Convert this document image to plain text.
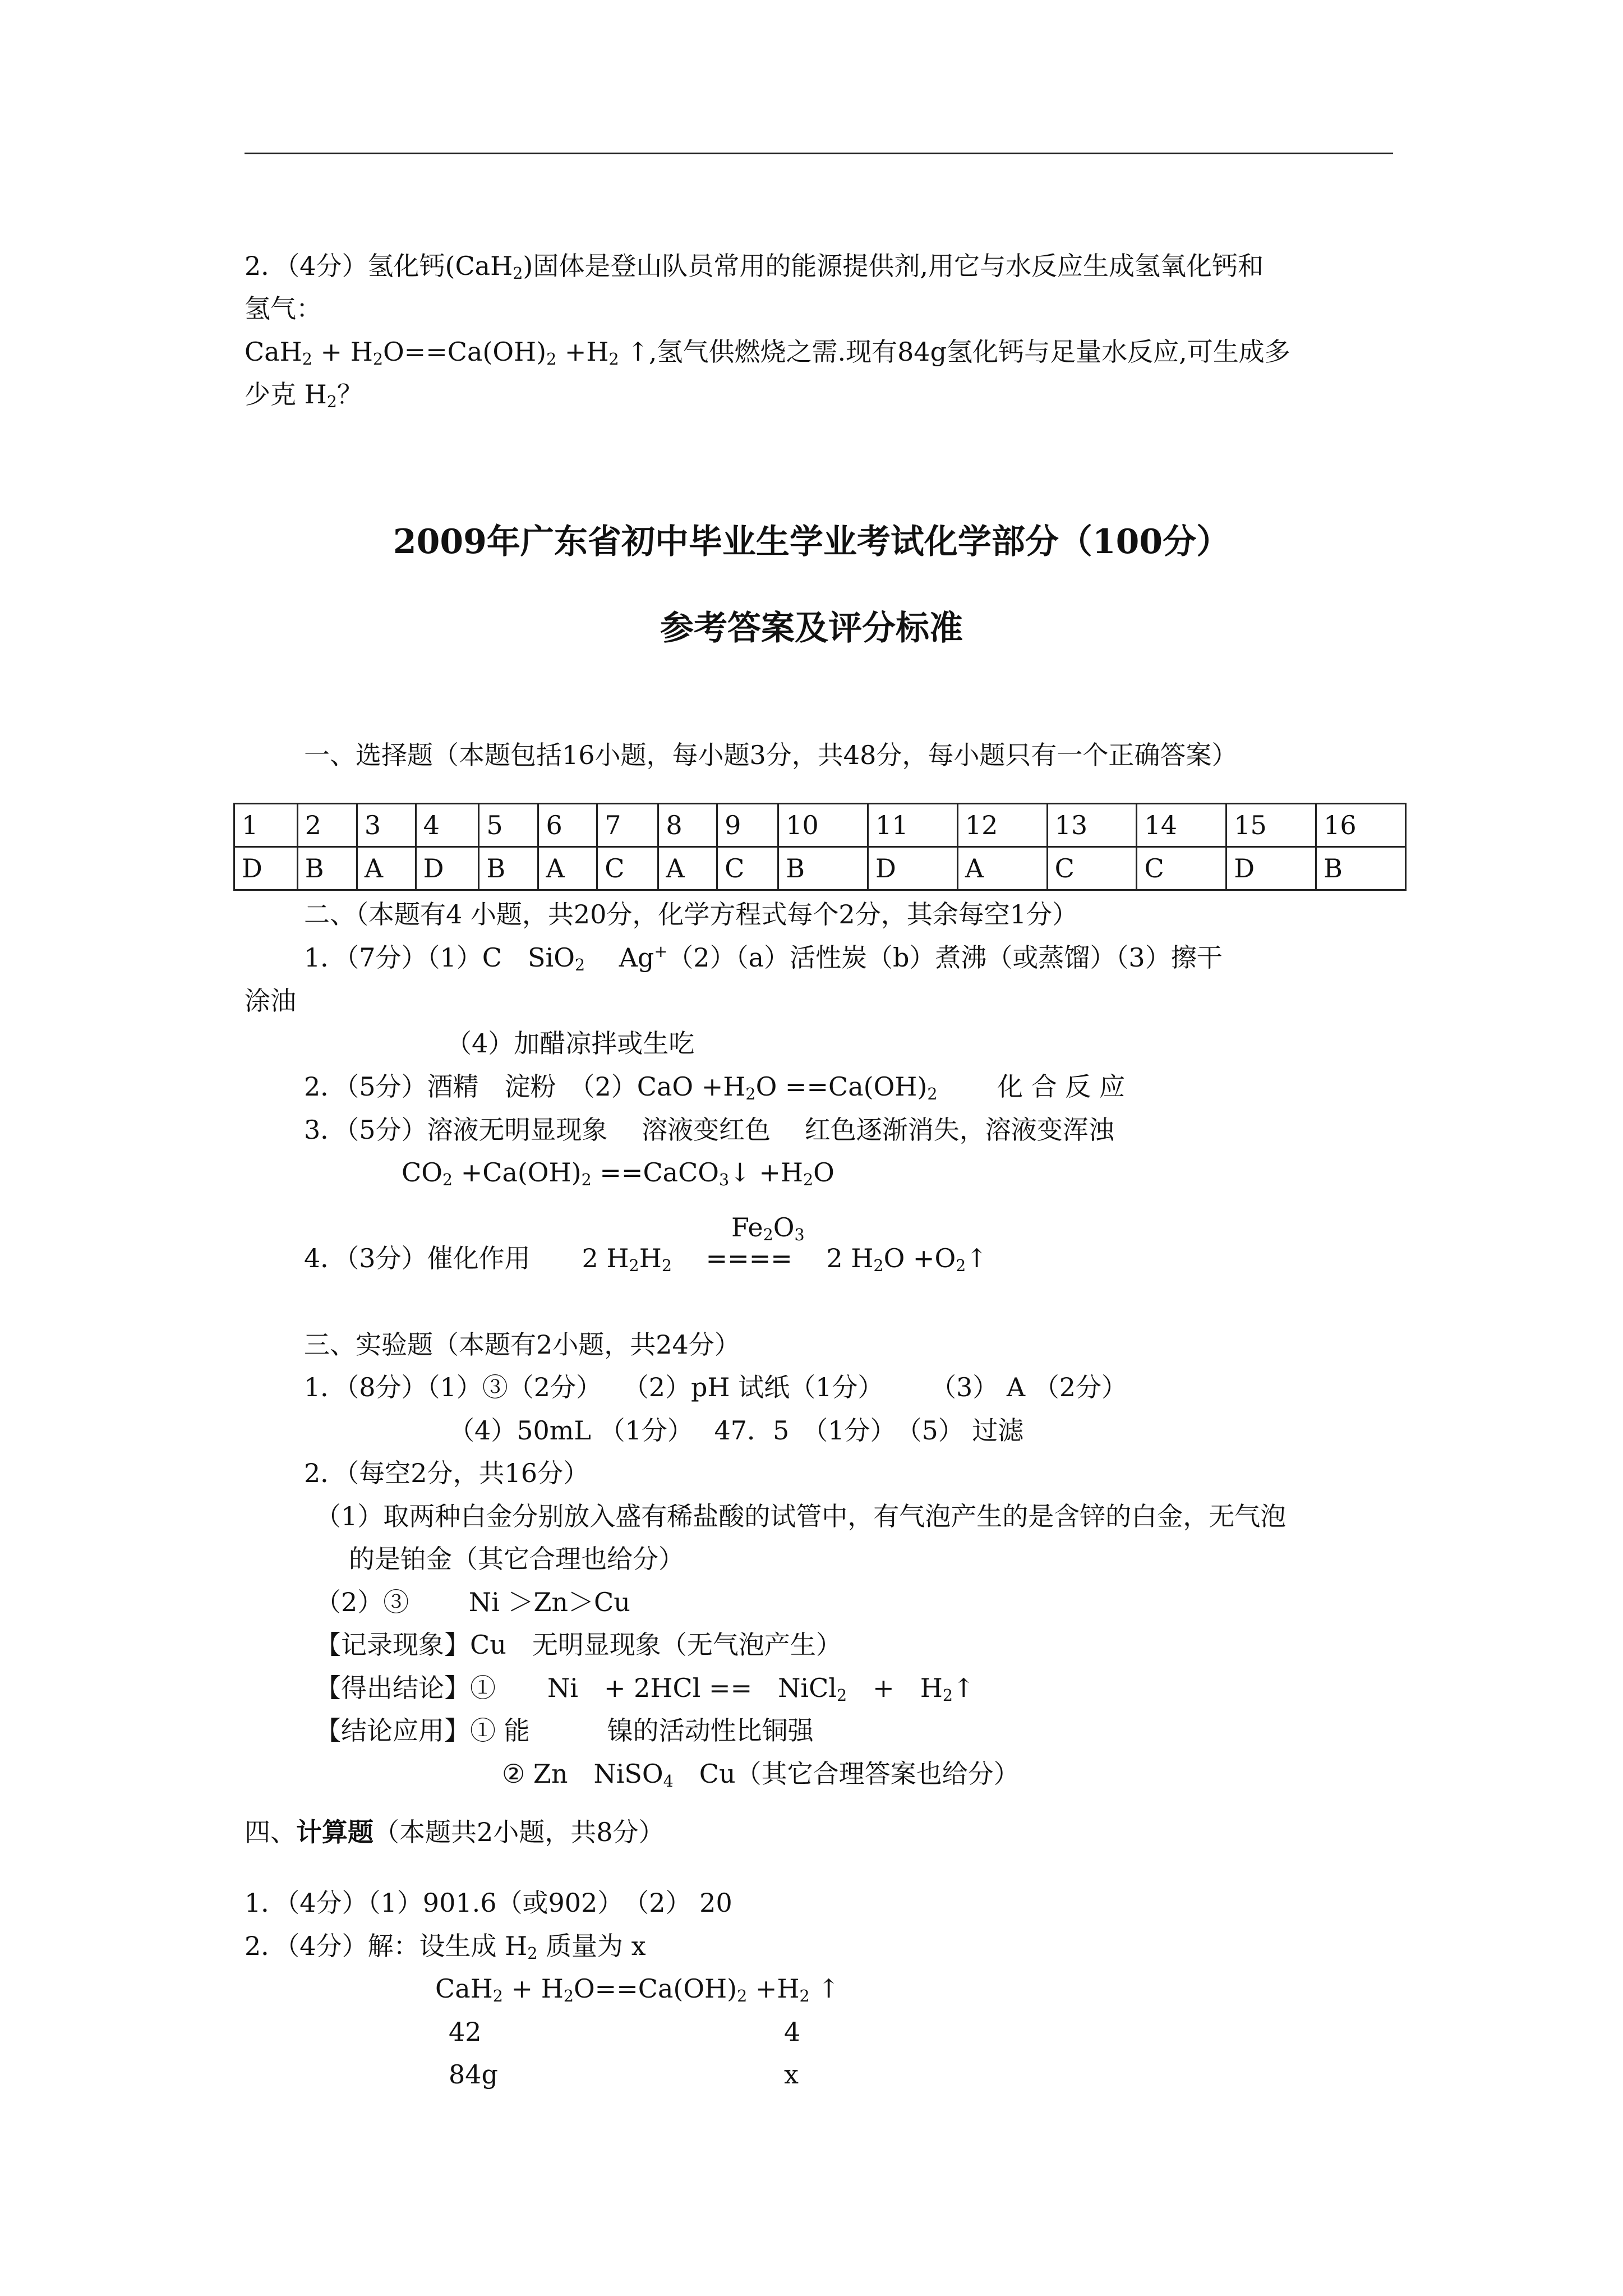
2．（4分）氢化钙(CaH$_2$)固体是登山队员常用的能源提供剂,用它与水反应生成氢氧化钙和
氢气：
$CaH_2 + H_2O==Ca(OH)_2 +H_2$ ↑,氢气供燃烧之需.现有84g氢化钙与足量水反应,可生成多
少克 $H_2$？
2009年广东省初中毕业生学业考试化学部分（100分）
参考答案及评分标准
一、选择题（本题包括16小题，每小题3分，共48分，每小题只有一个正确答案）
1	2	3	4	5	6	7	8	9	10	11	12	13	14	15	16
D	B	A	D	B	A	C	A	C	B	D	A	C	C	D	B
二、（本题有4 小题，共20分，化学方程式每个2分，其余每空1分）
1．（7分）（1）C　SiO$_2$　 Ag+（2）（a）活性炭（b）煮沸（或蒸馏）（3）擦干
涂油
（4）加醋凉拌或生吃
2．（5分）酒精　淀粉　$(2)CaO +H_2O ==Ca(OH)_2$　　 化 合 反 应
3．（5分）溶液无明显现象　 溶液变红色　 红色逐渐消失，溶液变浑浊
$CO_2 +Ca(OH)_2$ ==CaCO$_3$↓ $+H_2O$
$Fe_2O_3$
4．（3分）催化作用　　2 $H_2H_2$　 ====　 2 $H_2O$ $+O_2↑$
三、实验题（本题有2小题，共24分）
1．（8分）（1）③（2分）　 （2）pH 试纸（1分）　　 （3） A （2分）
（4）50mL （1分）　 47．5　（1分）　（5） 过滤
2．（每空2分，共16分）
（1）取两种白金分别放入盛有稀盐酸的试管中，有气泡产生的是含锌的白金，无气泡
的是铂金（其它合理也给分）
（2）③　　 Ni ＞Zn＞Cu
【记录现象】Cu　无明显现象（无气泡产生）
【得出结论】①　　Ni　+ 2HCl ==　NiCl$_2$　+　$H_2↑$
【结论应用】① 能　　　镍的活动性比铜强
② Zn　NiSO$_4$　Cu（其它合理答案也给分）
四、计算题（本题共2小题，共8分）
1．（4分）（1）901.6（或902）　（2） 20
2．（4分）解：设生成 $H_2$ 质量为 x
$CaH_2 + H_2O==Ca(OH)_2 +H_2$ ↑
42	4
84g	x
